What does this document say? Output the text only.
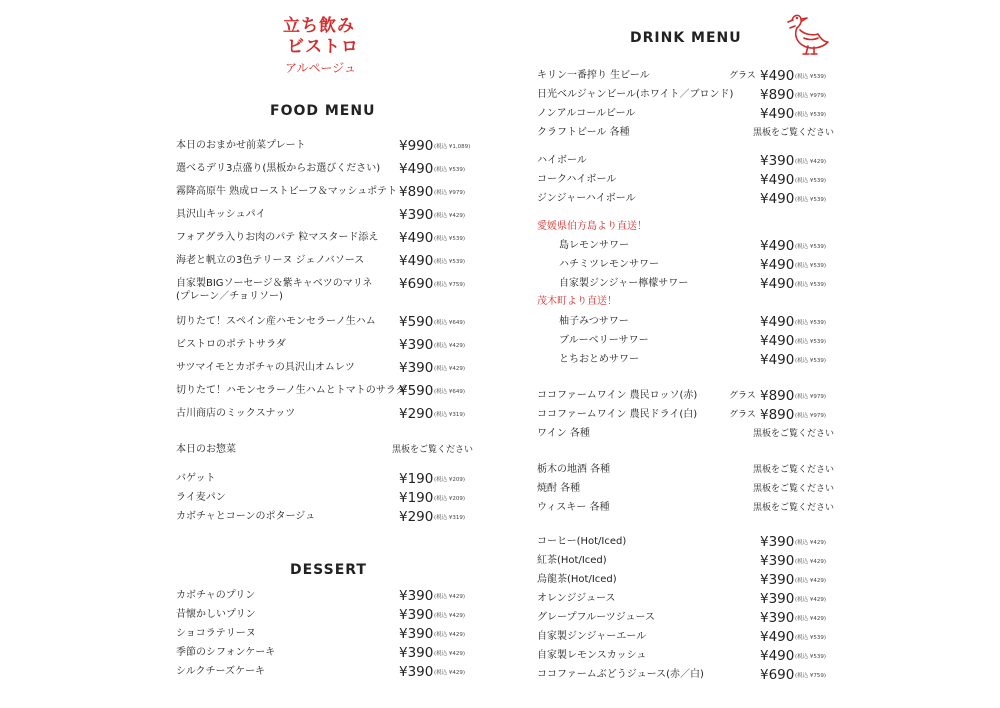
立ち飲み
ビストロ
アルページュ
FOOD MENU
本日のおまかせ前菜プレート	¥990 (税込 ¥1,089)
選べるデリ3点盛り(黒板からお選びください) ¥490 (税込 ¥539)
霧降高原牛 熟成ローストビーフ＆マッシュポテト ¥890 (税込 ¥979)
具沢山キッシュパイ	¥390 (税込 ¥429)
フォアグラ入りお肉のパテ 粒マスタード添え ¥490 (税込 ¥539)
海老と帆立の3色テリーヌ ジェノバソース	¥490 (税込 ¥539)
自家製BIGソーセージ＆紫キャベツのマリネ
(プレーン／チョリソー)
¥690 (税込 ¥759)
切りたて！スペイン産ハモンセラーノ生ハム ¥590 (税込 ¥649)
ビストロのポテトサラダ	¥390 (税込 ¥429)
サツマイモとカボチャの具沢山オムレツ	¥390 (税込 ¥429)
切りたて！ハモンセラーノ生ハムとトマトのサラダ
¥590 (税込 ¥649)
古川商店のミックスナッツ	¥290 (税込 ¥319)
本日のお惣菜	黒板をご覧ください
バゲット	¥190 (税込 ¥209)
ライ麦パン	¥190 (税込 ¥209)
カボチャとコーンのポタージュ	¥290 (税込 ¥319)
DESSERT
カボチャのプリン	¥390 (税込 ¥429)
昔懐かしいプリン	¥390 (税込 ¥429)
ショコラテリーヌ	¥390 (税込 ¥429)
季節のシフォンケーキ	¥390 (税込 ¥429)
シルクチーズケーキ	¥390 (税込 ¥429)
DRINK MENU
キリン一番搾り 生ビール	グラス ¥490 (税込 ¥539)
日光ベルジャンビール(ホワイト／ブロンド) ¥890 (税込 ¥979)
ノンアルコールビール	¥490 (税込 ¥539)
クラフトビール 各種	黒板をご覧ください
ハイボール	¥390 (税込 ¥429)
コークハイボール	¥490 (税込 ¥539)
ジンジャーハイボール	¥490 (税込 ¥539)
愛媛県伯方島より直送！
島レモンサワー	¥490 (税込 ¥539)
ハチミツレモンサワー	¥490 (税込 ¥539)
自家製ジンジャー檸檬サワー	¥490 (税込 ¥539)
茂木町より直送！
柚子みつサワー	¥490 (税込 ¥539)
ブルーベリーサワー	¥490 (税込 ¥539)
とちおとめサワー	¥490 (税込 ¥539)
ココファームワイン 農民ロッソ(赤)	グラス ¥890 (税込 ¥979)
ココファームワイン 農民ドライ(白)	グラス ¥890 (税込 ¥979)
ワイン 各種	黒板をご覧ください
栃木の地酒 各種	黒板をご覧ください
焼酎 各種	黒板をご覧ください
ウィスキー 各種	黒板をご覧ください
コーヒー(Hot/Iced)	¥390 (税込 ¥429)
紅茶(Hot/Iced)	¥390 (税込 ¥429)
烏龍茶(Hot/Iced)	¥390 (税込 ¥429)
オレンジジュース	¥390 (税込 ¥429)
グレープフルーツジュース	¥390 (税込 ¥429)
自家製ジンジャーエール	¥490 (税込 ¥539)
自家製レモンスカッシュ	¥490 (税込 ¥539)
ココファームぶどうジュース(赤／白)	¥690 (税込 ¥759)
